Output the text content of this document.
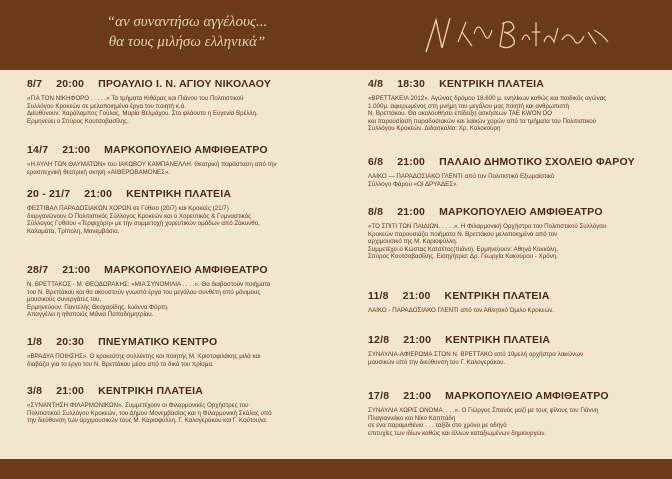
“αν συναντήσω αγγέλους...
θα τους μιλήσω ελληνικά”
8/7 20:00 ΠΡΟΑΥΛΙΟ Ι. Ν. ΑΓΙΟΥ ΝΙΚΟΛΑΟΥ
«ΓΙΑ ΤΟΝ ΝΙΚΗΦΟΡΟ . . . . .» Τα τμήματα Κιθάρας και Πιάνου του Πολιτιστικού
Συλλόγου Κροκεών σε μελοποιημένα έργα του ποιητή κ.ά.
Διευθύνουν: Χαράλαμπος Γούλας, Μαρία Βελμάχου. Στο φλάουτο η Ευγενία Βρέλλη.
Ερμηνεύει ο Σπύρος Κουτσοβασίλης.
14/7 21:00 ΜΑΡΚΟΠΟΥΛΕΙΟ ΑΜΦΙΘΕΑΤΡΟ
«Η ΑΥΛΗ ΤΩΝ ΘΑΥΜΑΤΩΝ» του ΙΑΚΩΒΟΥ ΚΑΜΠΑΝΕΛΛΗ. Θεατρική παράσταση από την
ερασιτεχνική θεατρική σκηνή «ΑΙΘΕΡΟΒΑΜΟΝΕΣ».
20 - 21/7 21:00 ΚΕΝΤΡΙΚΗ ΠΛΑΤΕΙΑ
ΦΕΣΤΙΒΑΛ ΠΑΡΑΔΟΣΙΑΚΩΝ ΧΟΡΩΝ σε Γύθειο (20/7) και Κροκεές (21/7)
διοργανώνουν Ο Πολιτιστικός Σύλλογος Κροκεών και ο Χορευτικός & Γυμναστικός
Σύλλογος Γυθείου «Τερψιχόρη» με την συμμετοχή χορευτικών ομάδων από Ζάκυνθο,
Καλαμάτα, Τρίπολη, Μονεμβάσια.
28/7 21:00 ΜΑΡΚΟΠΟΥΛΕΙΟ ΑΜΦΙΘΕΑΤΡΟ
Ν. ΒΡΕΤΤΑΚΟΣ - Μ. ΘΕΟΔΩΡΑΚΗΣ: «ΜΙΑ ΣΥΝΟΜΙΛΙΑ . . . .». Θα διαβαστούν ποιήματα
του Ν. Βρεττάκου και θα ακουστούν γνωστά έργα του μεγάλου συνθέτη από μόνιμους
μουσικούς συνεργάτες του.
Ερμηνεύουν: Παντελής Θεοχαρίδης, Ιωάννα Φόρτη.
Απαγγέλει η ηθοποιός Μάνια Παπαδημητρίου.
1/8 20:30 ΠΝΕΥΜΑΤΙΚΟ ΚΕΝΤΡΟ
«ΒΡΑΔΥΑ ΠΟΙΗΣΗΣ». Ο κροκεάτης συλλέκτης και ποιητής Μ. Χριστοφιλάκης μιλά και
διαβάζει για το έργο του Ν. Βρεττάκου μέσα από το δικό του πρίσμα.
3/8 21:00 ΚΕΝΤΡΙΚΗ ΠΛΑΤΕΙΑ
«ΣΥΝΑΝΤΗΣΗ ΦΙΛΑΡΜΟΝΙΚΩΝ». Συμμετέχουν οι Φιλαρμονικές Ορχήστρες του
Πολιτιστικού Συλλόγου Κροκεών, του Δήμου Μονεμβασίας και η Φιλαρμονική Σκάλας υπό
την διεύθυνση των αρχιμουσικών τους Μ. Καριοφύλλη, Γ. Καλογεράκου και Γ. Κούτουλα.
4/8 18:30 ΚΕΝΤΡΙΚΗ ΠΛΑΤΕΙΑ
«ΒΡΕΤΤΑΚΕΙΑ 2012». Αγώνας δρόμου 18.600 μ. ενηλίκων καθώς και παιδικός αγώνας
1.000μ. αφιερωμένος στη μνήμη του μεγάλου μας ποιητή και ανθρωπιστή
Ν. Βρεττάκου. Θα ακολουθήσει επίδειξη ασκήσεων TAE KWON DO
και παρουσίαση παραδοσιακών και λαϊκών χορών από τα τμήματα του Πολιτιστικού
Συλλόγου Κροκεών. Διδασκαλία: Χρ. Κολοκούρη
6/8 21:00 ΠΑΛΑΙΟ ΔΗΜΟΤΙΚΟ ΣΧΟΛΕΙΟ ΦΑΡΟΥ
ΛΑΪΚΟ — ΠΑΡΑΔΟΣΙΑΚΟ ΓΛΕΝΤΙ από τον Πολιτιστικό Εξωραϊστικό
Σύλλογο Φάρου «ΟΙ ΔΡΥΑΔΕΣ»
8/8 21:00 ΜΑΡΚΟΠΟΥΛΕΙΟ ΑΜΦΙΘΕΑΤΡΟ
«ΤΟ ΣΠΙΤΙ ΤΩΝ ΠΑΙΔΙΩΝ. . . . .». Η Φιλαρμονική Ορχήστρα του Πολιτιστικού Συλλόγου
Κροκεών παρουσιάζει ποιήματα Ν. Βρεττάκου μελοποιημένα από τον
αρχιμουσικό της Μ. Καριοφύλλη.
Συμμετέχει ο Κώστας Κατσέτος(πιάνο). Ερμηνεύουν: Αθηνά Κοκκόλη,
Σπύρος Κουτσοβασίλης. Εισηγήτρια: Δρ. Γεωργία Κακούρου - Χρόνη.
11/8 21:00 ΚΕΝΤΡΙΚΗ ΠΛΑΤΕΙΑ
ΛΑΪΚΟ - ΠΑΡΑΔΟΣΙΑΚΟ ΓΛΕΝΤΙ από τον Αθλητικό Όμιλο Κροκεών.
12/8 21:00 ΚΕΝΤΡΙΚΗ ΠΛΑΤΕΙΑ
ΣΥΝΑΥΛΙΑ-ΑΦΙΕΡΩΜΑ ΣΤΟΝ Ν. ΒΡΕΤΤΑΚΟ από 10μελή ορχήστρα λακώνων
μουσικών υπό την διεύθυνση του Γ. Καλογεράκου.
17/8 21:00 ΜΑΡΚΟΠΟΥΛΕΙΟ ΑΜΦΙΘΕΑΤΡΟ
ΣΥΝΑΥΛΙΑ ΧΩΡΙΣ ΟΝΟΜΑ. . . .». Ο Γιώργος Σπανός μαζί με τους φίλους του Γιάννη
Πλαγιαννάκο και Νίκο Καππάδη
σε ένα παραμυθένιο . . . ταξίδι στο χρόνο με οδηγό
επιτυχίες των ιδίων καθώς και άλλων καταξιωμένων δημιουργών.
